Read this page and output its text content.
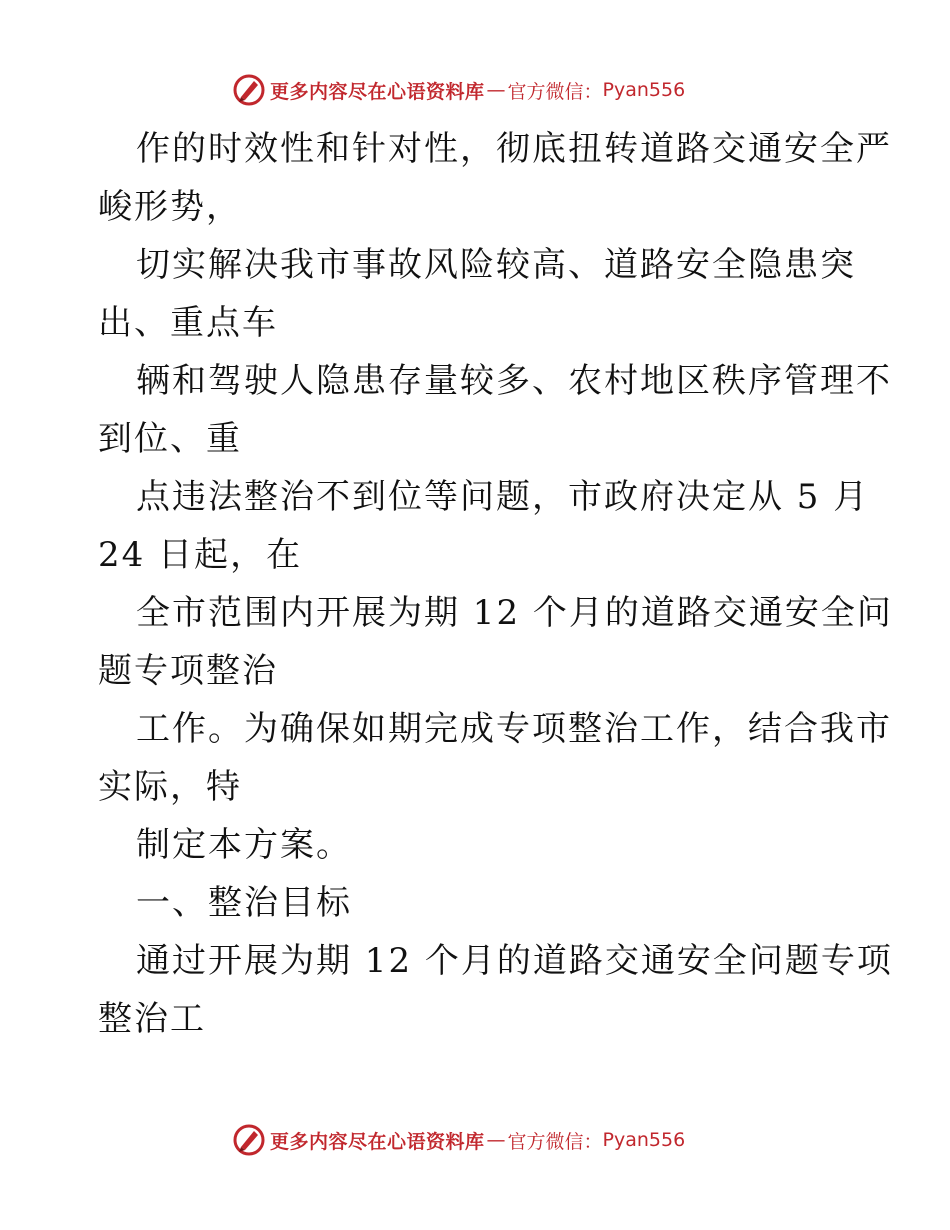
更多内容尽在心语资料库 — 官方微信： Pyan556
作的时效性和针对性，彻底扭转道路交通安全严
峻形势，
切实解决我市事故风险较高、道路安全隐患突
出、重点车
辆和驾驶人隐患存量较多、农村地区秩序管理不
到位、重
点违法整治不到位等问题，市政府决定从 5 月
24 日起，在
全市范围内开展为期 12 个月的道路交通安全问
题专项整治
工作。为确保如期完成专项整治工作，结合我市
实际，特
制定本方案。
一、整治目标
通过开展为期 12 个月的道路交通安全问题专项
整治工
更多内容尽在心语资料库 — 官方微信： Pyan556
